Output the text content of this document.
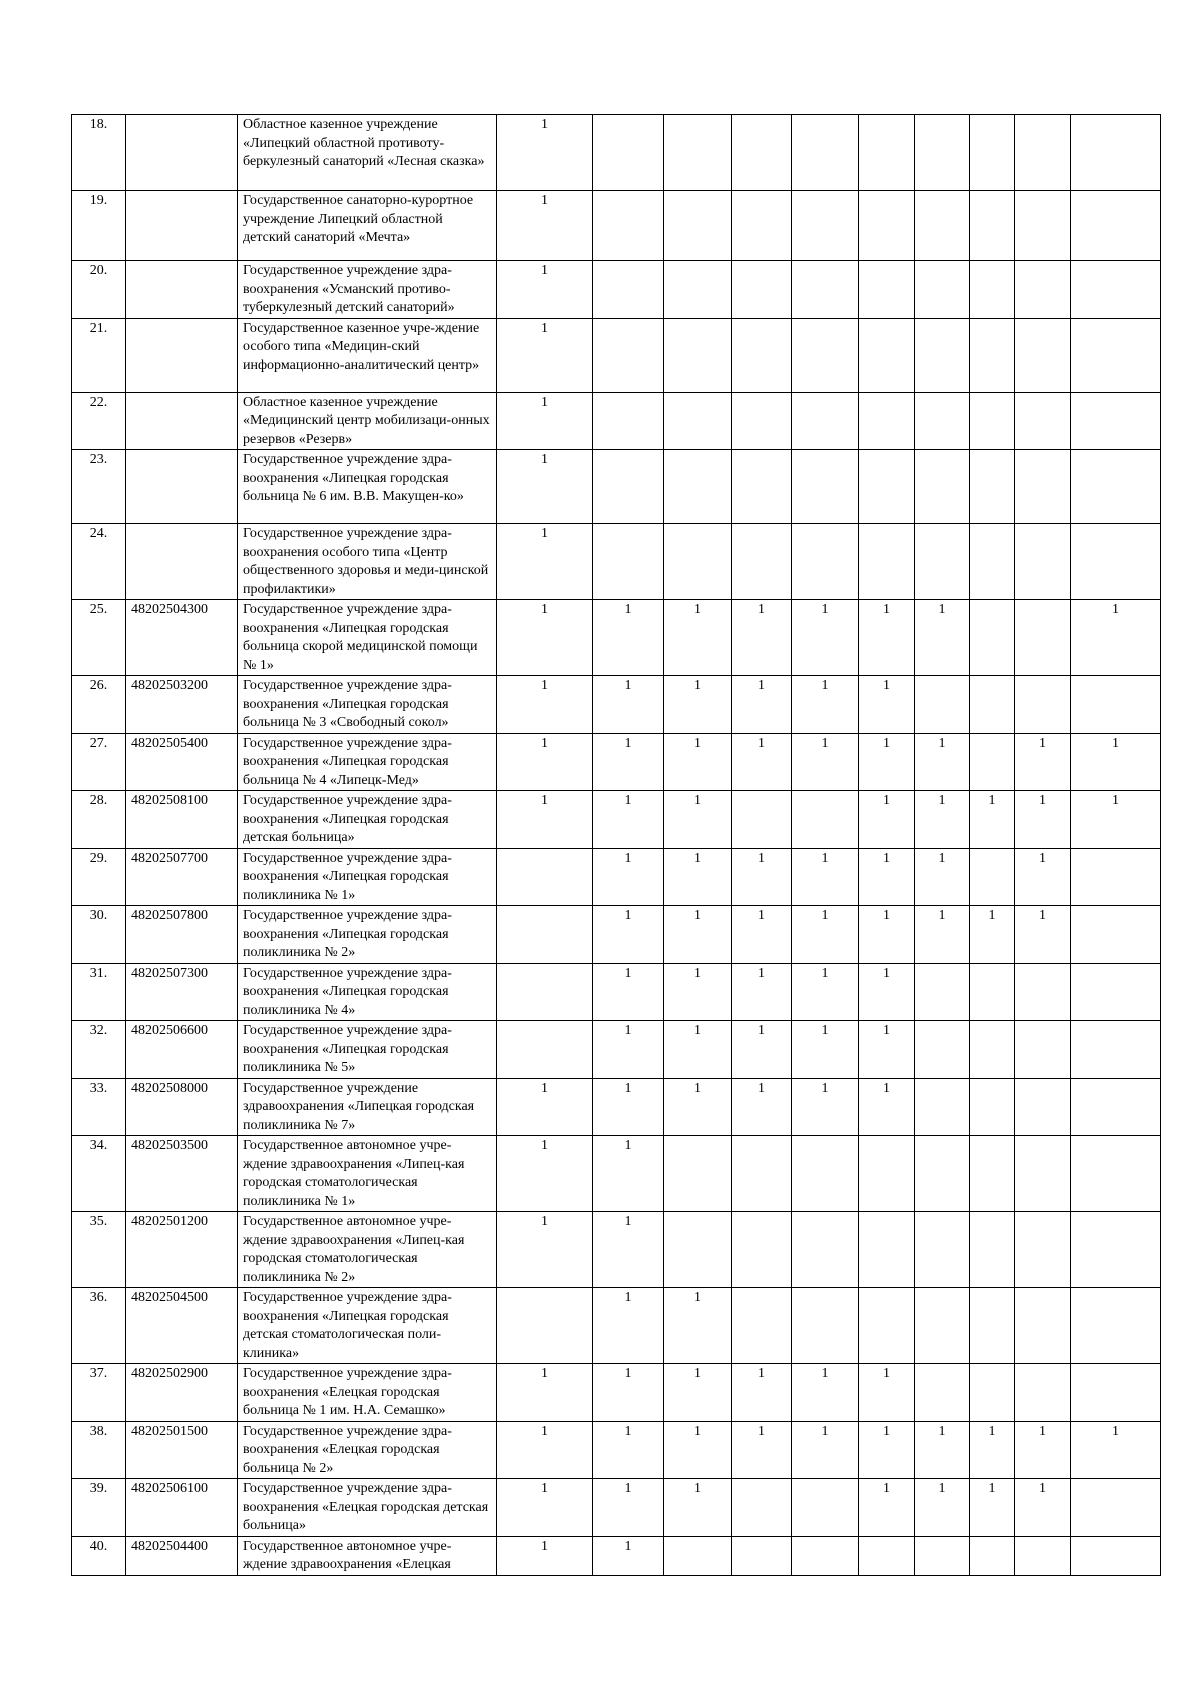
18.		Областное казенное учреждение «Липецкий областной противоту-беркулезный санаторий «Лесная сказка»	1									
19.		Государственное санаторно-курортное учреждение Липецкий областной детский санаторий «Мечта»	1									
20.		Государственное учреждение здра-воохранения «Усманский противо-туберкулезный детский санаторий»	1									
21.		Государственное казенное учре-ждение особого типа «Медицин-ский информационно-аналитический центр»	1									
22.		Областное казенное учреждение «Медицинский центр мобилизаци-онных резервов «Резерв»	1									
23.		Государственное учреждение здра-воохранения «Липецкая городская больница № 6 им. В.В. Макущен-ко»	1									
24.		Государственное учреждение здра-воохранения особого типа «Центр общественного здоровья и меди-цинской профилактики»	1									
25.	48202504300	Государственное учреждение здра-воохранения «Липецкая городская больница скорой медицинской помощи № 1»	1	1	1	1	1	1	1			1
26.	48202503200	Государственное учреждение здра-воохранения «Липецкая городская больница № 3 «Свободный сокол»	1	1	1	1	1	1				
27.	48202505400	Государственное учреждение здра-воохранения «Липецкая городская больница № 4 «Липецк-Мед»	1	1	1	1	1	1	1		1	1
28.	48202508100	Государственное учреждение здра-воохранения «Липецкая городская детская больница»	1	1	1			1	1	1	1	1
29.	48202507700	Государственное учреждение здра-воохранения «Липецкая городская поликлиника № 1»		1	1	1	1	1	1		1	
30.	48202507800	Государственное учреждение здра-воохранения «Липецкая городская поликлиника № 2»		1	1	1	1	1	1	1	1	
31.	48202507300	Государственное учреждение здра-воохранения «Липецкая городская поликлиника № 4»		1	1	1	1	1				
32.	48202506600	Государственное учреждение здра-воохранения «Липецкая городская поликлиника № 5»		1	1	1	1	1				
33.	48202508000	Государственное учреждение здравоохранения «Липецкая городская поликлиника № 7»	1	1	1	1	1	1				
34.	48202503500	Государственное автономное учре-ждение здравоохранения «Липец-кая городская стоматологическая поликлиника № 1»	1	1								
35.	48202501200	Государственное автономное учре-ждение здравоохранения «Липец-кая городская стоматологическая поликлиника № 2»	1	1								
36.	48202504500	Государственное учреждение здра-воохранения «Липецкая городская детская стоматологическая поли-клиника»		1	1							
37.	48202502900	Государственное учреждение здра-воохранения «Елецкая городская больница № 1 им. Н.А. Семашко»	1	1	1	1	1	1				
38.	48202501500	Государственное учреждение здра-воохранения «Елецкая городская больница № 2»	1	1	1	1	1	1	1	1	1	1
39.	48202506100	Государственное учреждение здра-воохранения «Елецкая городская детская больница»	1	1	1			1	1	1	1	
40.	48202504400	Государственное автономное учре-ждение здравоохранения «Елецкая	1	1								
